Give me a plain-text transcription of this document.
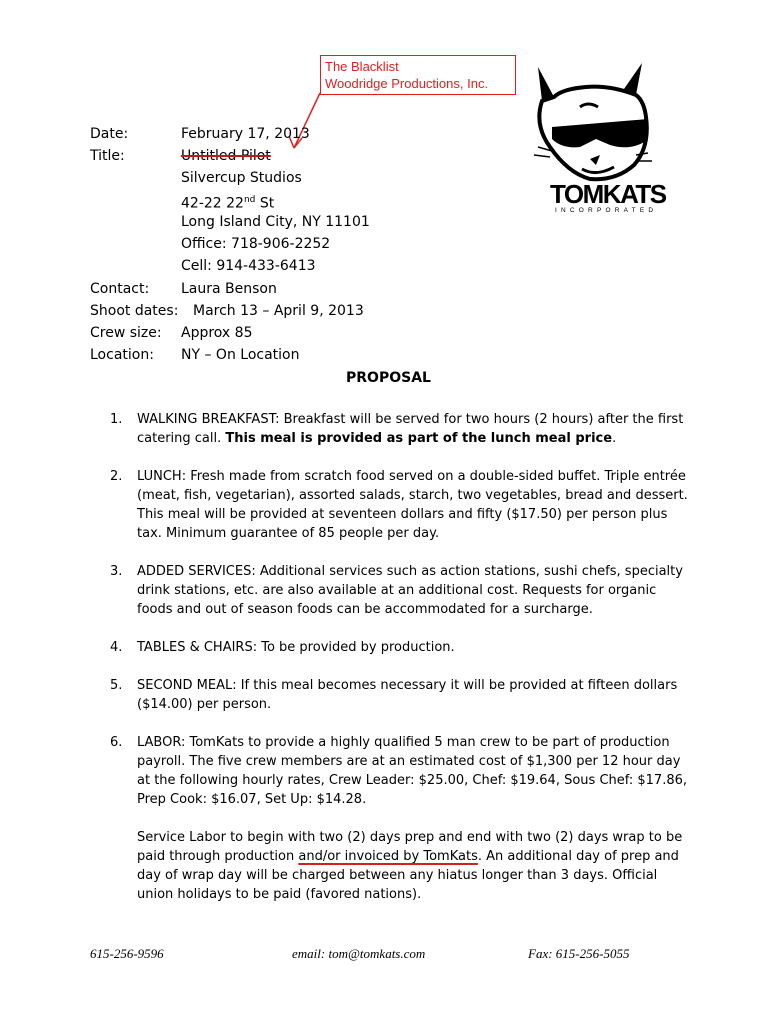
The Blacklist
Woodridge Productions, Inc.
TOMKATS
INCORPORATED
Date:	February 17, 2013
Title:	Untitled Pilot
Silvercup Studios
42-22 22nd St
Long Island City, NY 11101
Office: 718-906-2252
Cell: 914-433-6413
Contact: Laura Benson
Shoot dates: March 13 – April 9, 2013
Crew size: Approx 85
Location: NY – On Location
PROPOSAL
1. WALKING BREAKFAST: Breakfast will be served for two hours (2 hours) after the first catering call. This meal is provided as part of the lunch meal price.
2. LUNCH: Fresh made from scratch food served on a double-sided buffet. Triple entrée (meat, fish, vegetarian), assorted salads, starch, two vegetables, bread and dessert. This meal will be provided at seventeen dollars and fifty ($17.50) per person plus tax. Minimum guarantee of 85 people per day.
3. ADDED SERVICES: Additional services such as action stations, sushi chefs, specialty drink stations, etc. are also available at an additional cost. Requests for organic foods and out of season foods can be accommodated for a surcharge.
4. TABLES & CHAIRS: To be provided by production.
5. SECOND MEAL: If this meal becomes necessary it will be provided at fifteen dollars ($14.00) per person.
6. LABOR: TomKats to provide a highly qualified 5 man crew to be part of production payroll. The five crew members are at an estimated cost of $1,300 per 12 hour day at the following hourly rates, Crew Leader: $25.00, Chef: $19.64, Sous Chef: $17.86, Prep Cook: $16.07, Set Up: $14.28.
Service Labor to begin with two (2) days prep and end with two (2) days wrap to be paid through production and/or invoiced by TomKats. An additional day of prep and day of wrap day will be charged between any hiatus longer than 3 days. Official union holidays to be paid (favored nations).
615-256-9596	email: tom@tomkats.com	Fax: 615-256-5055
